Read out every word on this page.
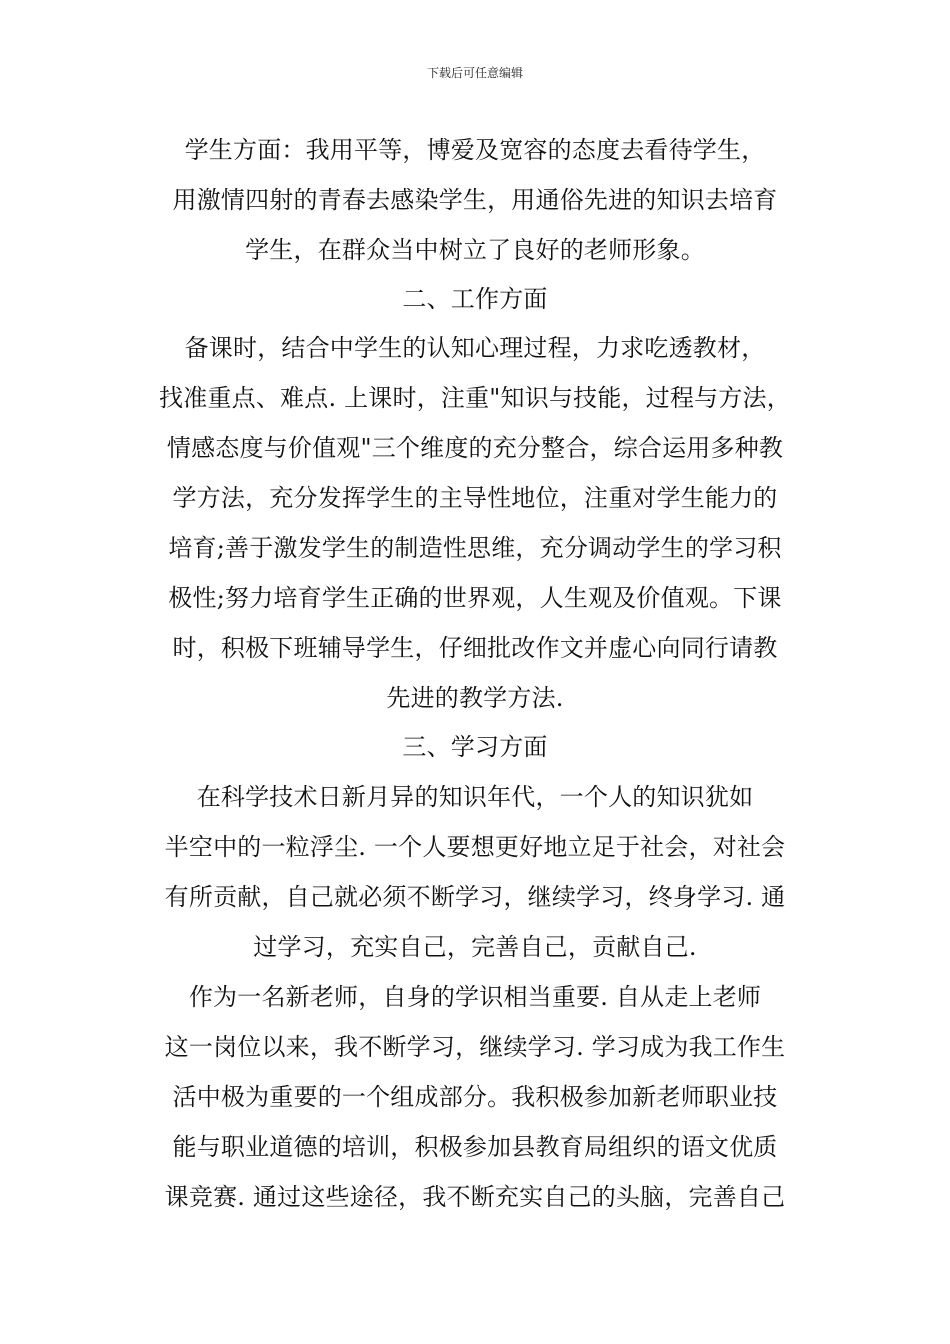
下载后可任意编辑
学生方面：我用平等，博爱及宽容的态度去看待学生，
用激情四射的青春去感染学生，用通俗先进的知识去培育
学生，在群众当中树立了良好的老师形象。
二、工作方面
备课时，结合中学生的认知心理过程，力求吃透教材，
找准重点、难点. 上课时，注重"知识与技能，过程与方法，
情感态度与价值观"三个维度的充分整合，综合运用多种教
学方法，充分发挥学生的主导性地位，注重对学生能力的
培育;善于激发学生的制造性思维，充分调动学生的学习积
极性;努力培育学生正确的世界观，人生观及价值观。下课
时，积极下班辅导学生，仔细批改作文并虚心向同行请教
先进的教学方法.
三、学习方面
在科学技术日新月异的知识年代，一个人的知识犹如
半空中的一粒浮尘. 一个人要想更好地立足于社会，对社会
有所贡献，自己就必须不断学习，继续学习，终身学习. 通
过学习，充实自己，完善自己，贡献自己.
作为一名新老师，自身的学识相当重要. 自从走上老师
这一岗位以来，我不断学习，继续学习. 学习成为我工作生
活中极为重要的一个组成部分。我积极参加新老师职业技
能与职业道德的培训，积极参加县教育局组织的语文优质
课竞赛. 通过这些途径，我不断充实自己的头脑，完善自己
